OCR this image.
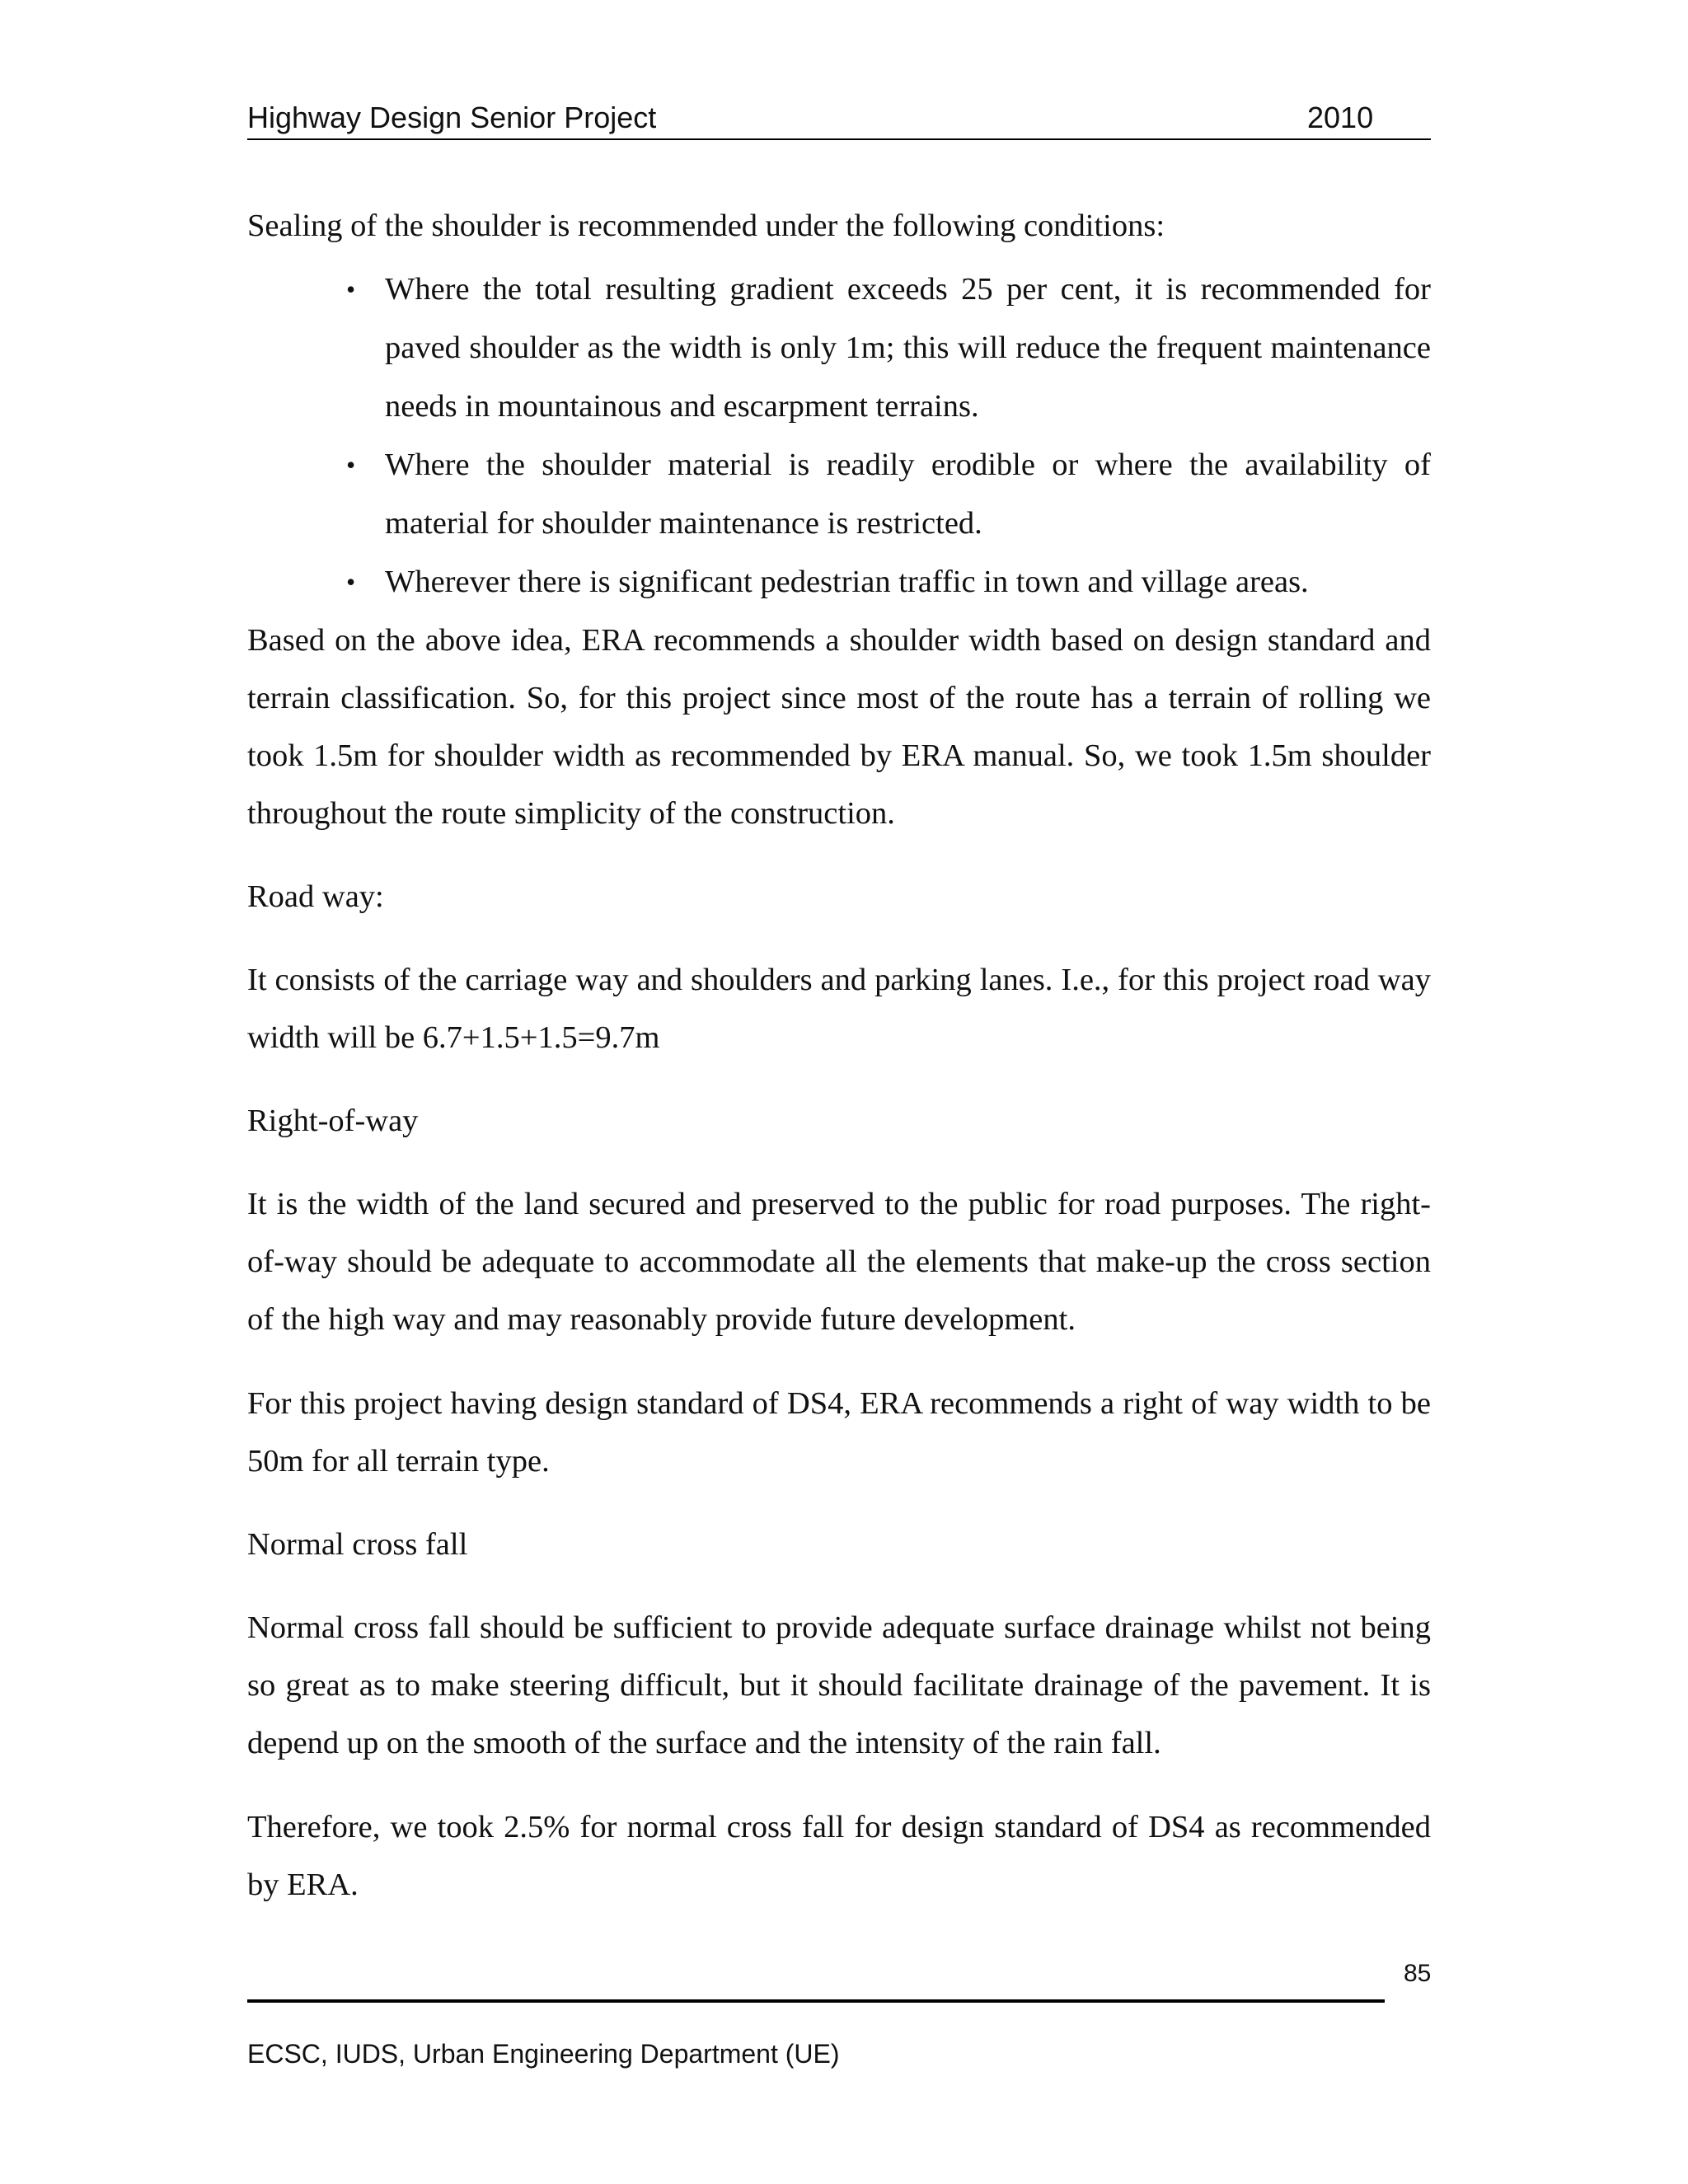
Highway Design Senior Project	2010

Sealing of the shoulder is recommended under the following conditions:

• Where the total resulting gradient exceeds 25 per cent, it is recommended for paved shoulder as the width is only 1m; this will reduce the frequent maintenance needs in mountainous and escarpment terrains.
• Where the shoulder material is readily erodible or where the availability of material for shoulder maintenance is restricted.
• Wherever there is significant pedestrian traffic in town and village areas.

Based on the above idea, ERA recommends a shoulder width based on design standard and terrain classification. So, for this project since most of the route has a terrain of rolling we took 1.5m for shoulder width as recommended by ERA manual. So, we took 1.5m shoulder throughout the route simplicity of the construction.

Road way:

It consists of the carriage way and shoulders and parking lanes. I.e., for this project road way width will be 6.7+1.5+1.5=9.7m

Right-of-way

It is the width of the land secured and preserved to the public for road purposes. The right-of-way should be adequate to accommodate all the elements that make-up the cross section of the high way and may reasonably provide future development.

For this project having design standard of DS4, ERA recommends a right of way width to be 50m for all terrain type.

Normal cross fall

Normal cross fall should be sufficient to provide adequate surface drainage whilst not being so great as to make steering difficult, but it should facilitate drainage of the pavement. It is depend up on the smooth of the surface and the intensity of the rain fall.

Therefore, we took 2.5% for normal cross fall for design standard of DS4 as recommended by ERA.

85
ECSC, IUDS, Urban Engineering Department (UE)
